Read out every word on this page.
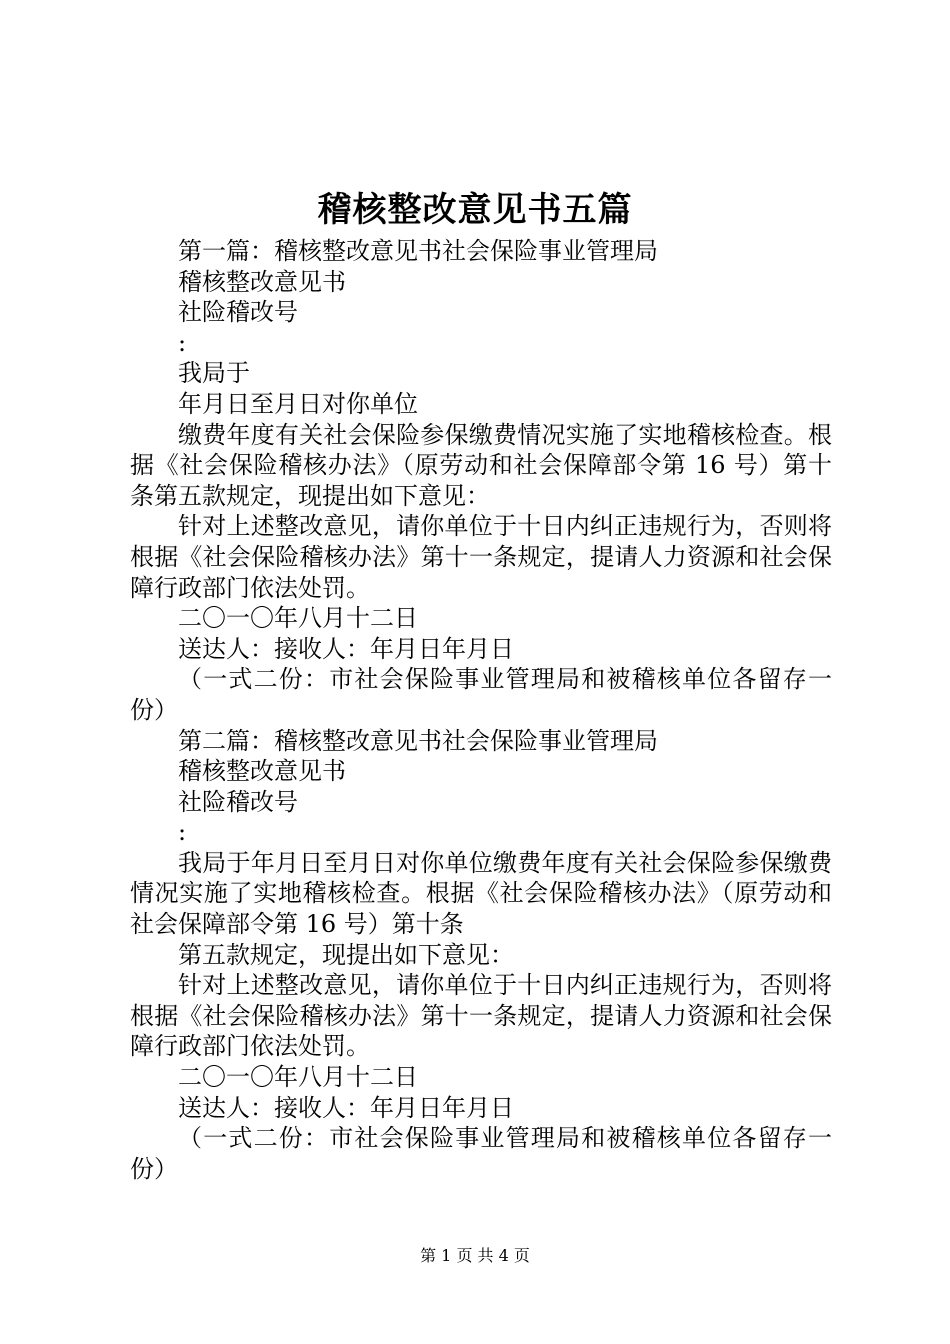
稽核整改意见书五篇

第一篇：稽核整改意见书社会保险事业管理局

稽核整改意见书

社险稽改号

:

我局于

年月日至月日对你单位

缴费年度有关社会保险参保缴费情况实施了实地稽核检查。根据《社会保险稽核办法》（原劳动和社会保障部令第 16 号）第十条第五款规定，现提出如下意见：

针对上述整改意见，请你单位于十日内纠正违规行为，否则将根据《社会保险稽核办法》第十一条规定，提请人力资源和社会保障行政部门依法处罚。

二〇一〇年八月十二日

送达人：接收人：年月日年月日

（一式二份：市社会保险事业管理局和被稽核单位各留存一份）

第二篇：稽核整改意见书社会保险事业管理局

稽核整改意见书

社险稽改号

:

我局于年月日至月日对你单位缴费年度有关社会保险参保缴费情况实施了实地稽核检查。根据《社会保险稽核办法》（原劳动和社会保障部令第 16 号）第十条

第五款规定，现提出如下意见：

针对上述整改意见，请你单位于十日内纠正违规行为，否则将根据《社会保险稽核办法》第十一条规定，提请人力资源和社会保障行政部门依法处罚。

二〇一〇年八月十二日

送达人：接收人：年月日年月日

（一式二份：市社会保险事业管理局和被稽核单位各留存一份）

第 1 页 共 4 页
